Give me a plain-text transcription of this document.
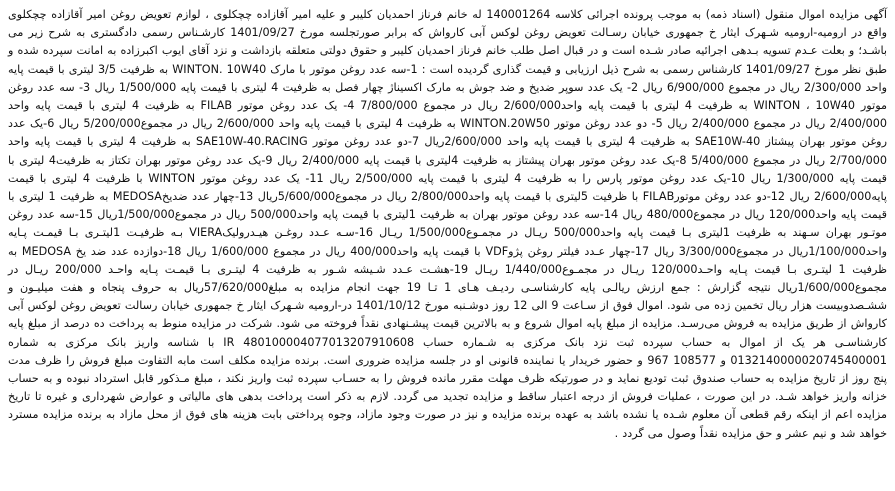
آگهی مزایده اموال منقول (اسناد ذمه) به موجب پرونده اجرائی کلاسه 140001264 له خانم فرناز احمدیان کلیبر و علیه امیر آقازاده چچکلوی ، لوازم تعویض روغن امیر آقازاده چچکلوی واقع در ارومیه-ارومیه شـهرک ایثار خ جمهوری خیابان رسـالت تعویض روغن لوکس آبی کارواش که برابر صورتجلسه مورخ 1401/09/27 کارشـناس رسمی دادگستری به شرح زیر می باشـد؛ و بعلت عـدم تسویه بـدهی اجرائیه صادر شـده است و در قبال اصل طلب خانم فرناز احمدیان کلیبر و حقوق دولتی متعلقه بازداشت و نزد آقای ایوب اکبرزاده به امانت سپرده شده و طبق نظر مورخ 1401/09/27 کارشناس رسمی به شرح ذیل ارزیابی و قیمت گذاری گردیده است : 1-سه عدد روغن موتور با مارک WINTON. 10W40 به ظرفیت 3/5 لیتری با قیمت پایه واحد 2/300/000 ریال در مجموع 6/900/000 ریال 2- یک عدد سوپر ضدیخ و ضد جوش به مارک اکسیناژ چهار فصل به ظرفیت 4 لیتری با قیمت پایه 1/500/000 ریال 3- سه عدد روغن موتور WINTON ، 10W40 به ظرفیت 4 لیتری با قیمت پایه واحد2/600/000 ریال در مجموع 7/800/000 4- یک عدد روغن موتور FILAB به ظرفیت 4 لیتری با قیمت پایه واحد 2/400/000 ریال در مجموع 2/400/000 ریال 5- دو عدد روغن موتور WINTON.20W50 به ظرفیت 4 لیتری با قیمت پایه واحد 2/600/000 ریال در مجموع5/200/000 ریال 6-یک عدد روغن موتور بهران پیشتاز SAE10W-40 به ظرفیت 4 لیتری با قیمت پایه واحد 2/600/000ریال 7-دو عدد روغن موتور SAE10W-40.RACING به ظرفیت 4 لیتری با قیمت پایه واحد 2/700/000 ریال در مجموع 5/400/000 8-یک عدد روغن موتور بهران پیشتاز به ظرفیت 4لیتری با قیمت پایه 2/400/000 ریال 9-یک عدد روغن موتور بهران تکتاز به ظرفیت4 لیتری با قیمت پایه 1/300/000 ریال 10-یک عدد روغن موتور پارس را به ظرفیت 4 لیتری با قیمت پایه 2/500/000 ریال 11- یک عدد روغن موتور WINTON با ظرفیت 4 لیتری با قیمت پایه2/600/000 ریال 12-دو عدد روغن موتورFILAB با ظرفیت 5لیتری با قیمت پایه واحد2/800/000 ریال در مجموع5/600/000ریال 13-چهار عدد ضدیخMEDOSA به ظرفیت 1 لیتری با قیمت پایه واحد120/000 ریال در مجموع480/000 ریال 14-سه عدد روغن موتور بهران به ظرفیت 1لیتری با قیمت پایه واحد500/000 ریال در مجموع1/500/000ریال 15-سه عدد روغن موتـور بهران سـهند به ظرفیت 1لیتری بـا قیمت پایه واحد500/000 ریـال در مجمـوع1/500/000 ریـال 16-سـه عـدد روغـن هیـدرولیکVIERA بـه ظرفیـت 1لیتـری بـا قیمـت پـایه واحد1/100/000ریال در مجموع3/300/000 ریال 17-چهار عـدد فیلتر روغن پژوVDF با قیمت پایه واحد400/000 ریال در مجموع 1/600/000 ریال 18-دوازده عدد ضد یخ MEDOSA به ظرفیت 1 لیتـری بـا قیمت پـایه واحـد120/000 ریـال در مجمـوع1/440/000 ریـال 19-هشـت عـدد شـیشه شـور به ظرفیت 4 لیتـری بـا قیمـت پـایه واحـد 200/000 ریـال در مجموع1/600/000ریال نتیجه گزارش : جمع ارزش ریالـی پایه کارشناسـی ردیـف هـای 1 تـا 19 جهت انجام مزایده به مبلغ57/620/000ریال به حروف پنجاه و هفت میلیـون و ششـصدوبیست هزار ریال تخمین زده می شود. اموال فوق از سـاعت 9 الی 12 روز دوشـنبه مورخ 1401/10/12 در-ارومیه شـهرک ایثار خ جمهوری خیابان رسالت تعویض روغن لوکس آبی کارواش از طریق مزایده به فروش می‌رسـد. مزایده از مبلغ پایه اموال شروع و به بالاترین قیمت پیشـنهادی نقداً فروخته می شود. شرکت در مزایده منوط به پرداخت ده درصد از مبلغ پایه کارشناسـی هر یک از اموال به حساب سپرده ثبت نزد بانک مرکزی به شـماره حساب IR 480100004077013207910608 با شناسه واریز بانک مرکزی به شماره 0132140000020745400001 و 108577 967 و حضور خریدار یا نماینده قانونی او در جلسه مزایده ضروری است. برنده مزایده مکلف است مابه التفاوت مبلغ فروش را ظرف مدت پنج روز از تاریخ مزایده به حساب صندوق ثبت تودیع نماید و در صورتیکه ظرف مهلت مقرر مانده فروش را به حسـاب سپرده ثبت واریز نکند ، مبلغ مـذکور قابل استرداد نبوده و به حساب خزانه واریز خواهد شـد. در این صورت ، عملیات فروش از درجه اعتبار ساقط و مزایده تجدید می گردد. لازم به ذکر است پرداخت بدهی های مالیاتی و عوارض شهرداری و غیره تا تاریخ مزایده اعم از اینکه رقم قطعی آن معلوم شـده یا نشده باشد به عهده برنده مزایده و نیز در صورت وجود مازاد، وجوه پرداختی بابت هزینه های فوق از محل مازاد به برنده مزایده مسترد خواهد شد و نیم عشر و حق مزایده نقداً وصول می گردد .
